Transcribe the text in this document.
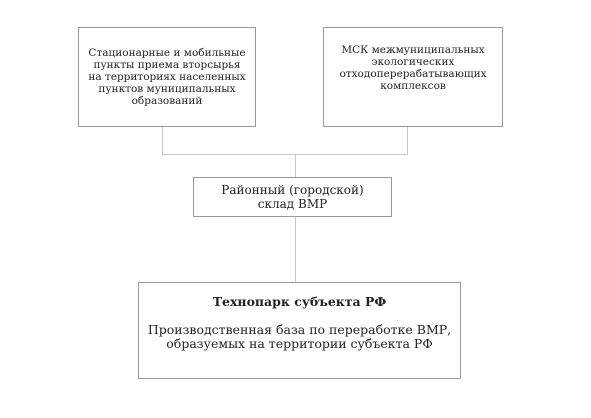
Стационарные и мобильные
пункты приема вторсырья
на территориях населенных
пунктов муниципальных
образований
МСК межмуниципальных
экологических
отходоперерабатывающих
комплексов
Районный (городской)
склад ВМР
Технопарк субъекта РФ
Производственная база по переработке ВМР,
образуемых на территории субъекта РФ
